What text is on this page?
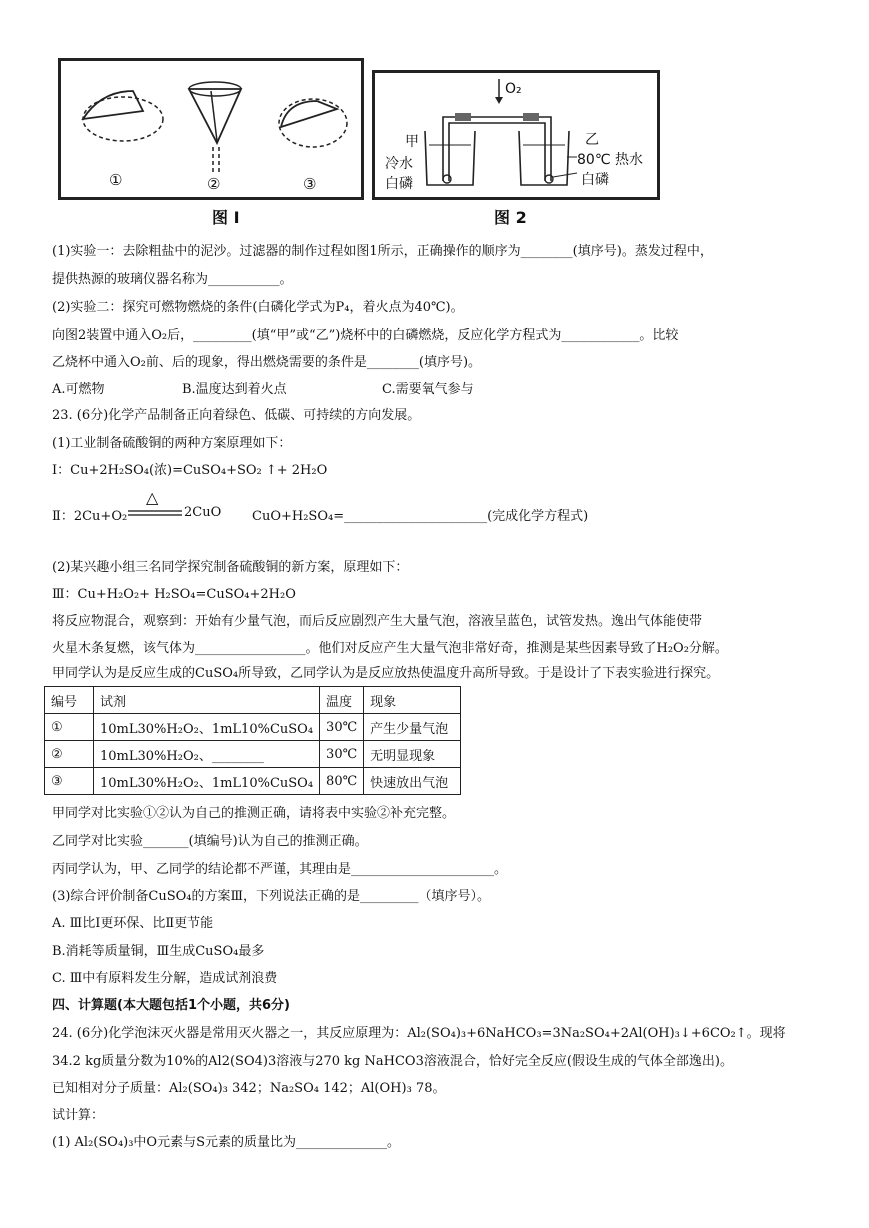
①	②	③
图 I
O₂
甲
冷水
白磷
乙
80℃ 热水
白磷
图 2
(1)实验一：去除粗盐中的泥沙。过滤器的制作过程如图1所示，正确操作的顺序为________(填序号)。蒸发过程中，
提供热源的玻璃仪器名称为___________。
(2)实验二：探究可燃物燃烧的条件(白磷化学式为P₄，着火点为40℃)。
向图2装置中通入O₂后，_________(填“甲”或“乙”)烧杯中的白磷燃烧，反应化学方程式为____________。比较
乙烧杯中通入O₂前、后的现象，得出燃烧需要的条件是________(填序号)。
A.可燃物	B.温度达到着火点	C.需要氧气参与
23. (6分)化学产品制备正向着绿色、低碳、可持续的方向发展。
(1)工业制备硫酸铜的两种方案原理如下：
Ⅰ：Cu+2H₂SO₄(浓)=CuSO₄+SO₂ ↑+ 2H₂O
△
Ⅱ：2Cu+O₂	2CuO CuO+H₂SO₄=______________________(完成化学方程式)
(2)某兴趣小组三名同学探究制备硫酸铜的新方案，原理如下：
Ⅲ：Cu+H₂O₂+ H₂SO₄=CuSO₄+2H₂O
将反应物混合，观察到：开始有少量气泡，而后反应剧烈产生大量气泡，溶液呈蓝色，试管发热。逸出气体能使带
火星木条复燃，该气体为_________________。他们对反应产生大量气泡非常好奇，推测是某些因素导致了H₂O₂分解。
甲同学认为是反应生成的CuSO₄所导致，乙同学认为是反应放热使温度升高所导致。于是设计了下表实验进行探究。
编号	试剂	温度	现象
①	10mL30%H₂O₂、1mL10%CuSO₄	30℃	产生少量气泡
②	10mL30%H₂O₂、________	30℃	无明显现象
③	10mL30%H₂O₂、1mL10%CuSO₄	80℃	快速放出气泡
甲同学对比实验①②认为自己的推测正确，请将表中实验②补充完整。
乙同学对比实验_______(填编号)认为自己的推测正确。
丙同学认为，甲、乙同学的结论都不严谨，其理由是______________________。
(3)综合评价制备CuSO₄的方案Ⅲ，下列说法正确的是_________（填序号）。
A. Ⅲ比Ⅰ更环保、比Ⅱ更节能
B.消耗等质量铜，Ⅲ生成CuSO₄最多
C. Ⅲ中有原料发生分解，造成试剂浪费
四、计算题(本大题包括1个小题，共6分)
24. (6分)化学泡沫灭火器是常用灭火器之一，其反应原理为：Al₂(SO₄)₃+6NaHCO₃=3Na₂SO₄+2Al(OH)₃↓+6CO₂↑。现将
34.2 kg质量分数为10%的Al2(SO4)3溶液与270 kg NaHCO3溶液混合，恰好完全反应(假设生成的气体全部逸出)。
已知相对分子质量：Al₂(SO₄)₃ 342；Na₂SO₄ 142；Al(OH)₃ 78。
试计算：
(1) Al₂(SO₄)₃中O元素与S元素的质量比为______________。
